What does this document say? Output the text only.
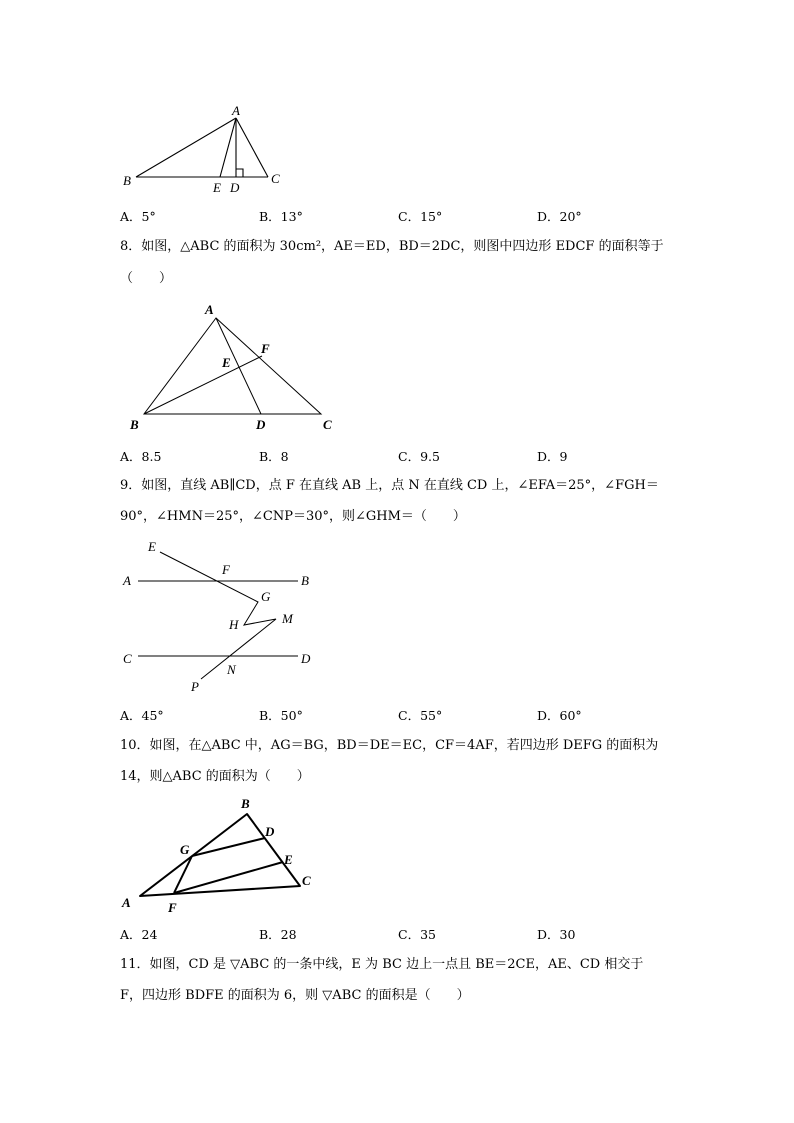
A
B	C
D
E
A
B	C
D
E
F
E
A
F
B
G
H	M
C	D
N
P
B
D
G
E
C
A	F
A．5°	B．13°	C．15°	D．20°
8．如图，△ABC 的面积为 30cm²，AE＝ED，BD＝2DC，则图中四边形 EDCF 的面积等于
（　　）
A．8.5	B．8	C．9.5	D．9
9．如图，直线 AB∥CD，点 F 在直线 AB 上，点 N 在直线 CD 上，∠EFA＝25°，∠FGH＝
90°，∠HMN＝25°，∠CNP＝30°，则∠GHM＝（　　）
A．45°	B．50°	C．55°	D．60°
10．如图，在△ABC 中，AG＝BG，BD＝DE＝EC，CF＝4AF，若四边形 DEFG 的面积为
14，则△ABC 的面积为（　　）
A．24	B．28	C．35	D．30
11．如图，CD 是 ▽ABC 的一条中线，E 为 BC 边上一点且 BE＝2CE，AE、CD 相交于
F，四边形 BDFE 的面积为 6，则 ▽ABC 的面积是（　　）
